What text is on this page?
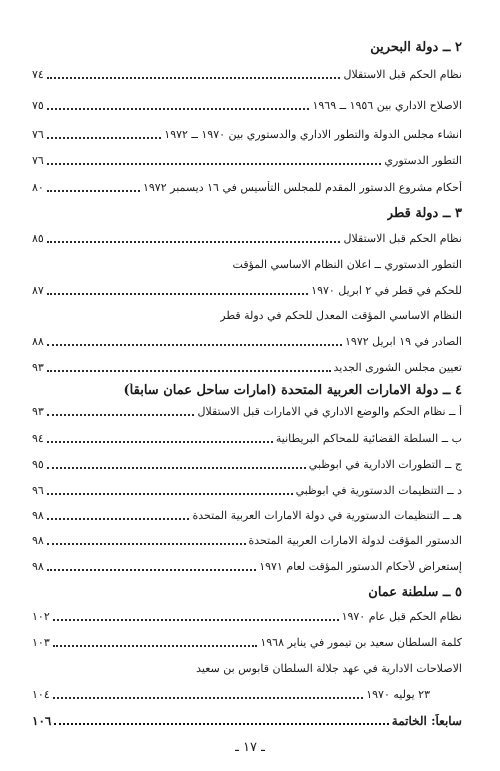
٢ ــ دولة البحرين
نظام الحكم قبل الاستقلال
٧٤
الاصلاح الاداري بين ١٩٥٦ ــ ١٩٦٩
٧٥
انشاء مجلس الدولة والتطور الاداري والدستوري بين ١٩٧٠ ــ ١٩٧٢
٧٦
التطور الدستوري
٧٦
أحكام مشروع الدستور المقدم للمجلس التأسيس في ١٦ ديسمبر ١٩٧٢
٨٠
٣ ــ دولة قطر
نظام الحكم قبل الاستقلال
٨٥
التطور الدستوري ــ اعلان النظام الاساسي المؤقت
للحكم في قطر في ٢ ابريل ١٩٧٠
٨٧
النظام الاساسي المؤقت المعدل للحكم في دولة قطر
الصادر في ١٩ ابريل ١٩٧٢
٨٨
تعيين مجلس الشورى الجديد
٩٣
٤ ــ دولة الامارات العربية المتحدة (امارات ساحل عمان سابقاً)
أ ــ نظام الحكم والوضع الاداري في الامارات قبل الاستقلال
٩٣
ب ــ السلطة القضائية للمحاكم البريطانية
٩٤
ج ــ التطورات الادارية في ابوظبي
٩٥
د ــ التنظيمات الدستورية في ابوظبي
٩٦
هـ ــ التنظيمات الدستورية في دولة الامارات العربية المتحدة
٩٨
الدستور المؤقت لدولة الامارات العربية المتحدة
٩٨
إستعراض لأحكام الدستور المؤقت لعام ١٩٧١
٩٨
٥ ــ سلطنة عمان
نظام الحكم قبل عام ١٩٧٠
١٠٢
كلمة السلطان سعيد بن تيمور في يناير ١٩٦٨
١٠٣
الاصلاحات الادارية في عهد جلالة السلطان قابوس بن سعيد
٢٣ يوليه ١٩٧٠
١٠٤
سابعاً: الخاتمة
١٠٦
ـ ١٧ ـ
